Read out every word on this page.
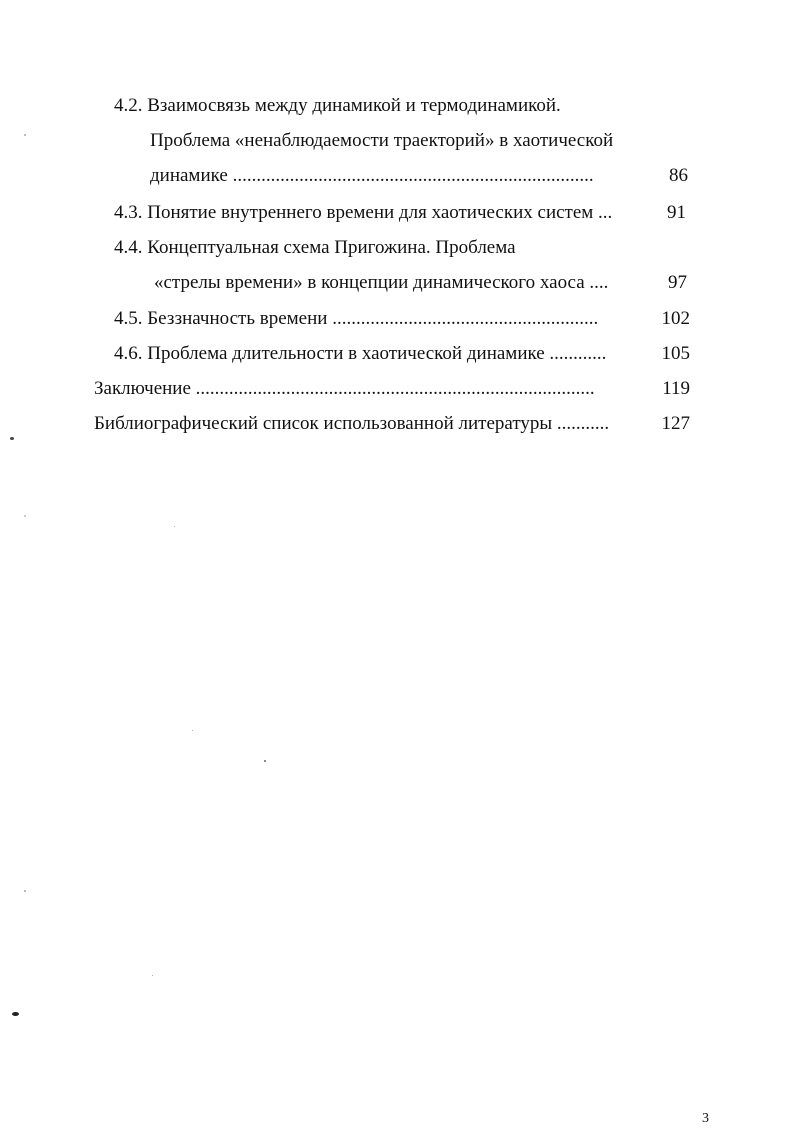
4.2. Взаимосвязь между динамикой и термодинамикой.
Проблема «ненаблюдаемости траекторий» в хаотической
динамике ............................................................................	86
4.3. Понятие внутреннего времени для хаотических систем ...	91
4.4. Концептуальная схема Пригожина. Проблема
«стрелы времени» в концепции динамического хаоса ....	97
4.5. Беззначность времени ........................................................	102
4.6. Проблема длительности в хаотической динамике ............	105
Заключение ....................................................................................	119
Библиографический список использованной литературы ...........	127
3
